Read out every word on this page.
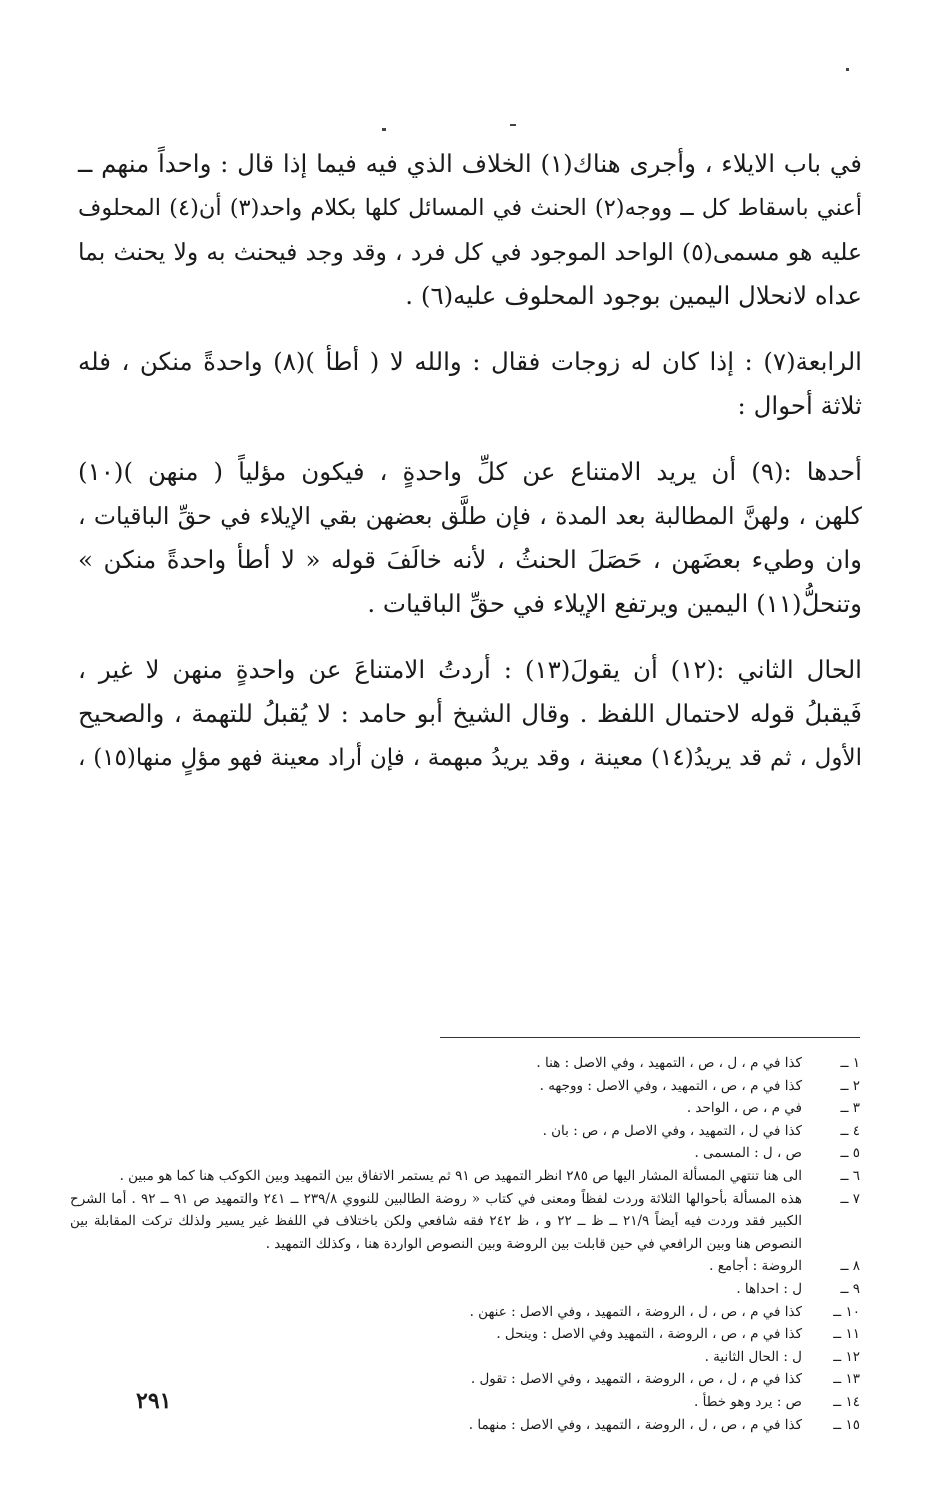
في باب الايلاء ، وأجرى هناك(١) الخلاف الذي فيه فيما إذا قال : واحداً منهم ــ
أعني باسقاط كل ــ ووجه(٢) الحنث في المسائل كلها بكلام واحد(٣) أن(٤) المحلوف
عليه هو مسمى(٥) الواحد الموجود في كل فرد ، وقد وجد فيحنث به ولا يحنث بما
عداه لانحلال اليمين بوجود المحلوف عليه(٦) .

الرابعة(٧) : إذا كان له زوجات فقال : والله لا ( أطأ )(٨) واحدةً منكن ، فله
ثلاثة أحوال :

أحدها :(٩) أن يريد الامتناع عن كلِّ واحدةٍ ، فيكون مؤلياً ( منهن )(١٠)
كلهن ، ولهنَّ المطالبة بعد المدة ، فإن طلَّق بعضهن بقي الإيلاء في حقِّ الباقيات ،
وان وطيء بعضَهن ، حَصَلَ الحنثُ ، لأنه خالَفَ قوله « لا أطأ واحدةً منكن »
وتنحلُّ(١١) اليمين ويرتفع الإيلاء في حقِّ الباقيات .

الحال الثاني :(١٢) أن يقولَ(١٣) : أردتُ الامتناعَ عن واحدةٍ منهن لا غير ،
فَيقبلُ قوله لاحتمال اللفظ . وقال الشيخ أبو حامد : لا يُقبلُ للتهمة ، والصحيح
الأول ، ثم قد يريدُ(١٤) معينة ، وقد يريدُ مبهمة ، فإن أراد معينة فهو مؤلٍ منها(١٥) ،

١ ــ
كذا في م ، ل ، ص ، التمهيد ، وفي الاصل : هنا .
٢ ــ
كذا في م ، ص ، التمهيد ، وفي الاصل : ووجهه .
٣ ــ
في م ، ص ، الواحد .
٤ ــ
كذا في ل ، التمهيد ، وفي الاصل م ، ص : بان .
٥ ــ
ص ، ل : المسمى .
٦ ــ
الى هنا تنتهي المسألة المشار اليها ص ٢٨٥ انظر التمهيد ص ٩١ ثم يستمر الاتفاق بين التمهيد وبين الكوكب هنا كما هو مبين .
٧ ــ
هذه المسألة بأحوالها الثلاثة وردت لفظاً ومعنى في كتاب « روضة الطالبين للنووي ٢٣٩/٨ ــ ٢٤١ والتمهيد ص ٩١ ــ ٩٢ . أما الشرح الكبير فقد وردت فيه أيضاً ٢١/٩ ــ ظ ــ ٢٢ و ، ظ ٢٤٢ فقه شافعي ولكن باختلاف في اللفظ غير يسير ولذلك تركت المقابلة بين النصوص هنا وبين الرافعي في حين قابلت بين الروضة وبين النصوص الواردة هنا ، وكذلك التمهيد .
٨ ــ
الروضة : أجامع .
٩ ــ
ل : احداها .
١٠ ــ
كذا في م ، ص ، ل ، الروضة ، التمهيد ، وفي الاصل : عنهن .
١١ ــ
كذا في م ، ص ، الروضة ، التمهيد وفي الاصل : وينحل .
١٢ ــ
ل : الحال الثانية .
١٣ ــ
كذا في م ، ل ، ص ، الروضة ، التمهيد ، وفي الاصل : تقول .
١٤ ــ
ص : يرد وهو خطأ .
١٥ ــ
كذا في م ، ص ، ل ، الروضة ، التمهيد ، وفي الاصل : منهما .
٢٩١
